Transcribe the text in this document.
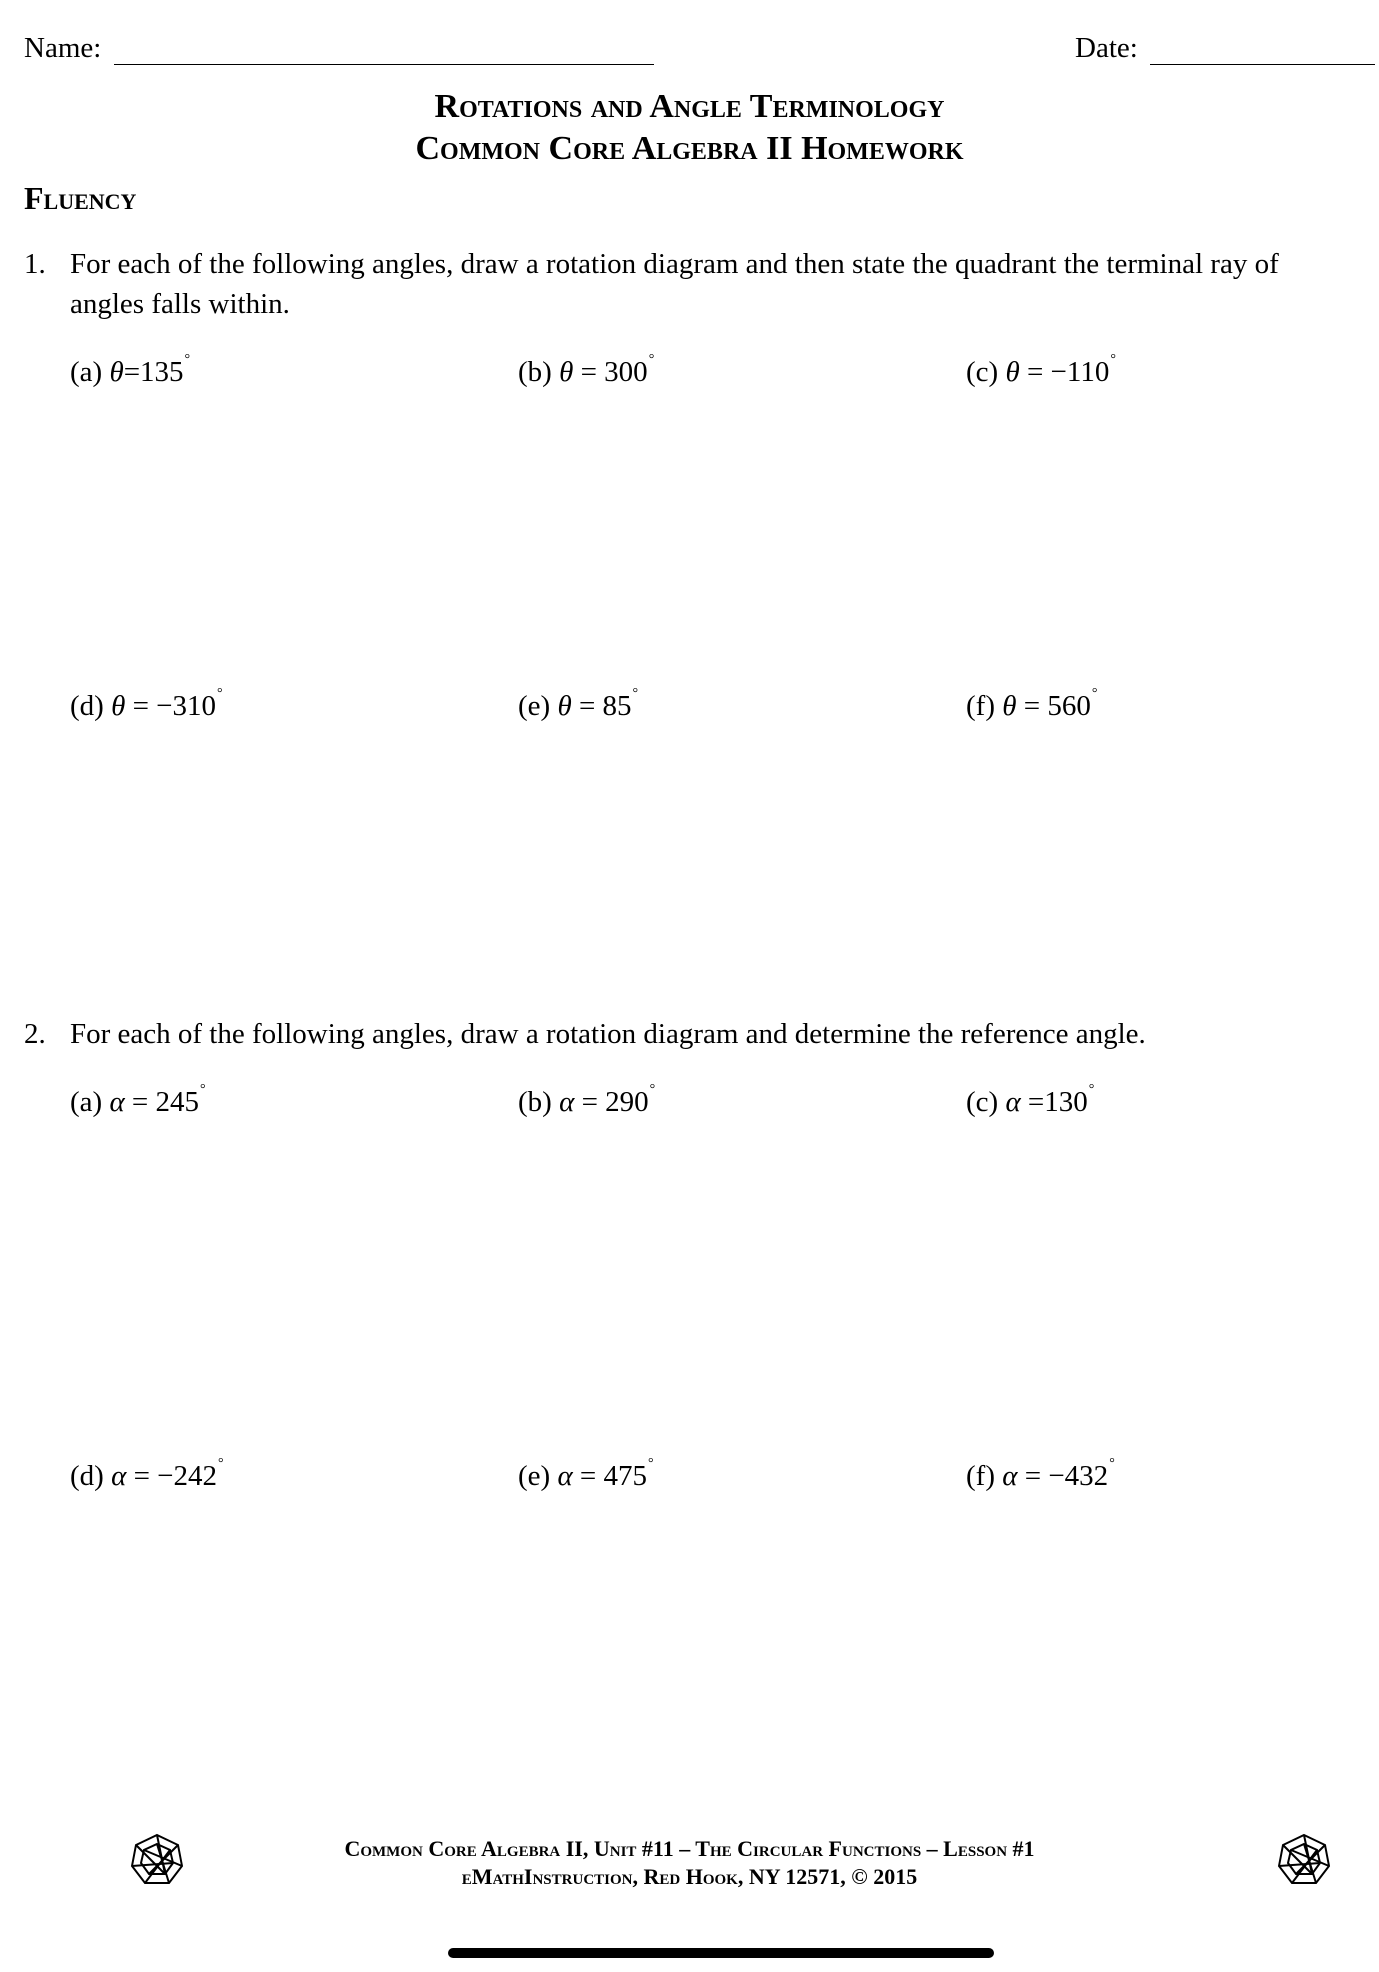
Name:	Date:
Rotations and Angle Terminology
Common Core Algebra II Homework
Fluency
1. For each of the following angles, draw a rotation diagram and then state the quadrant the terminal ray of
angles falls within.
(a) θ=135°	(b) θ = 300°	(c) θ = −110°
(d) θ = −310°	(e) θ = 85°	(f) θ = 560°
2. For each of the following angles, draw a rotation diagram and determine the reference angle.
(a) α = 245°	(b) α = 290°	(c) α =130°
(d) α = −242°	(e) α = 475°	(f) α = −432°
Common Core Algebra II, Unit #11 – The Circular Functions – Lesson #1
eMathInstruction, Red Hook, NY 12571, © 2015
